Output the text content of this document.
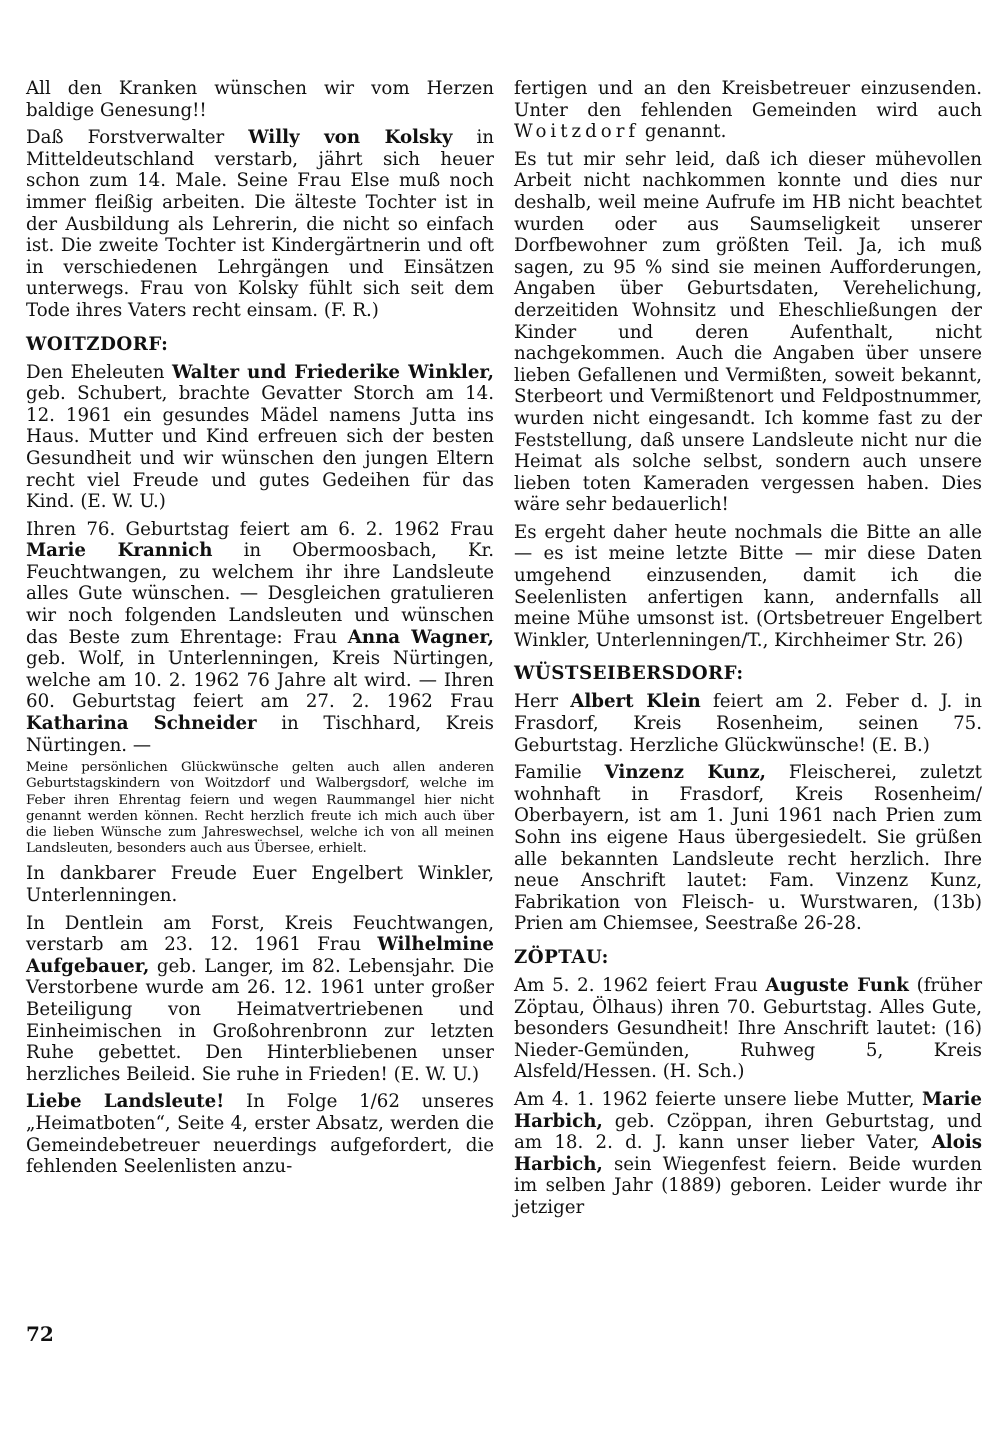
All den Kranken wünschen wir vom Herzen baldige Genesung!!

Daß Forstverwalter Willy von Kolsky in Mitteldeutschland verstarb, jährt sich heuer schon zum 14. Male. Seine Frau Else muß noch immer fleißig arbeiten. Die älteste Tochter ist in der Ausbildung als Lehrerin, die nicht so einfach ist. Die zweite Tochter ist Kindergärtnerin und oft in verschiedenen Lehrgängen und Einsätzen unterwegs. Frau von Kolsky fühlt sich seit dem Tode ihres Vaters recht einsam. (F. R.)

WOITZDORF:

Den Eheleuten Walter und Friederike Winkler, geb. Schubert, brachte Gevatter Storch am 14. 12. 1961 ein gesundes Mädel namens Jutta ins Haus. Mutter und Kind erfreuen sich der besten Gesundheit und wir wünschen den jungen Eltern recht viel Freude und gutes Gedeihen für das Kind. (E. W. U.)

Ihren 76. Geburtstag feiert am 6. 2. 1962 Frau Marie Krannich in Obermoosbach, Kr. Feuchtwangen, zu welchem ihr ihre Landsleute alles Gute wünschen. — Desgleichen gratulieren wir noch folgenden Landsleuten und wünschen das Beste zum Ehrentage: Frau Anna Wagner, geb. Wolf, in Unterlenningen, Kreis Nürtingen, welche am 10. 2. 1962 76 Jahre alt wird. — Ihren 60. Geburtstag feiert am 27. 2. 1962 Frau Katharina Schneider in Tischhard, Kreis Nürtingen. —

Meine persönlichen Glückwünsche gelten auch allen anderen Geburtstagskindern von Woitzdorf und Walbergsdorf, welche im Feber ihren Ehrentag feiern und wegen Raummangel hier nicht genannt werden können. Recht herzlich freute ich mich auch über die lieben Wünsche zum Jahreswechsel, welche ich von all meinen Landsleuten, besonders auch aus Übersee, erhielt.

In dankbarer Freude Euer Engelbert Winkler, Unterlenningen.

In Dentlein am Forst, Kreis Feuchtwangen, verstarb am 23. 12. 1961 Frau Wilhelmine Aufgebauer, geb. Langer, im 82. Lebensjahr. Die Verstorbene wurde am 26. 12. 1961 unter großer Beteiligung von Heimatvertriebenen und Einheimischen in Großohrenbronn zur letzten Ruhe gebettet. Den Hinterbliebenen unser herzliches Beileid. Sie ruhe in Frieden! (E. W. U.)

Liebe Landsleute! In Folge 1/62 unseres „Heimatboten“, Seite 4, erster Absatz, werden die Gemeindebetreuer neuerdings aufgefordert, die fehlenden Seelenlisten anzu-

fertigen und an den Kreisbetreuer einzusenden. Unter den fehlenden Gemeinden wird auch Woitzdorf genannt.

Es tut mir sehr leid, daß ich dieser mühevollen Arbeit nicht nachkommen konnte und dies nur deshalb, weil meine Aufrufe im HB nicht beachtet wurden oder aus Saumseligkeit unserer Dorfbewohner zum größten Teil. Ja, ich muß sagen, zu 95 % sind sie meinen Aufforderungen, Angaben über Geburtsdaten, Verehelichung, derzeitiden Wohnsitz und Eheschließungen der Kinder und deren Aufenthalt, nicht nachgekommen. Auch die Angaben über unsere lieben Gefallenen und Vermißten, soweit bekannt, Sterbeort und Vermißtenort und Feldpostnummer, wurden nicht eingesandt. Ich komme fast zu der Feststellung, daß unsere Landsleute nicht nur die Heimat als solche selbst, sondern auch unsere lieben toten Kameraden vergessen haben. Dies wäre sehr bedauerlich!

Es ergeht daher heute nochmals die Bitte an alle — es ist meine letzte Bitte — mir diese Daten umgehend einzusenden, damit ich die Seelenlisten anfertigen kann, andernfalls all meine Mühe umsonst ist. (Ortsbetreuer Engelbert Winkler, Unterlenningen/T., Kirchheimer Str. 26)

WÜSTSEIBERSDORF:

Herr Albert Klein feiert am 2. Feber d. J. in Frasdorf, Kreis Rosenheim, seinen 75. Geburtstag. Herzliche Glückwünsche! (E. B.)

Familie Vinzenz Kunz, Fleischerei, zuletzt wohnhaft in Frasdorf, Kreis Rosenheim/ Oberbayern, ist am 1. Juni 1961 nach Prien zum Sohn ins eigene Haus übergesiedelt. Sie grüßen alle bekannten Landsleute recht herzlich. Ihre neue Anschrift lautet: Fam. Vinzenz Kunz, Fabrikation von Fleisch- u. Wurstwaren, (13b) Prien am Chiemsee, Seestraße 26-28.

ZÖPTAU:

Am 5. 2. 1962 feiert Frau Auguste Funk (früher Zöptau, Ölhaus) ihren 70. Geburtstag. Alles Gute, besonders Gesundheit! Ihre Anschrift lautet: (16) Nieder-Gemünden, Ruhweg 5, Kreis Alsfeld/Hessen. (H. Sch.)

Am 4. 1. 1962 feierte unsere liebe Mutter, Marie Harbich, geb. Czöppan, ihren Geburtstag, und am 18. 2. d. J. kann unser lieber Vater, Alois Harbich, sein Wiegenfest feiern. Beide wurden im selben Jahr (1889) geboren. Leider wurde ihr jetziger

72
